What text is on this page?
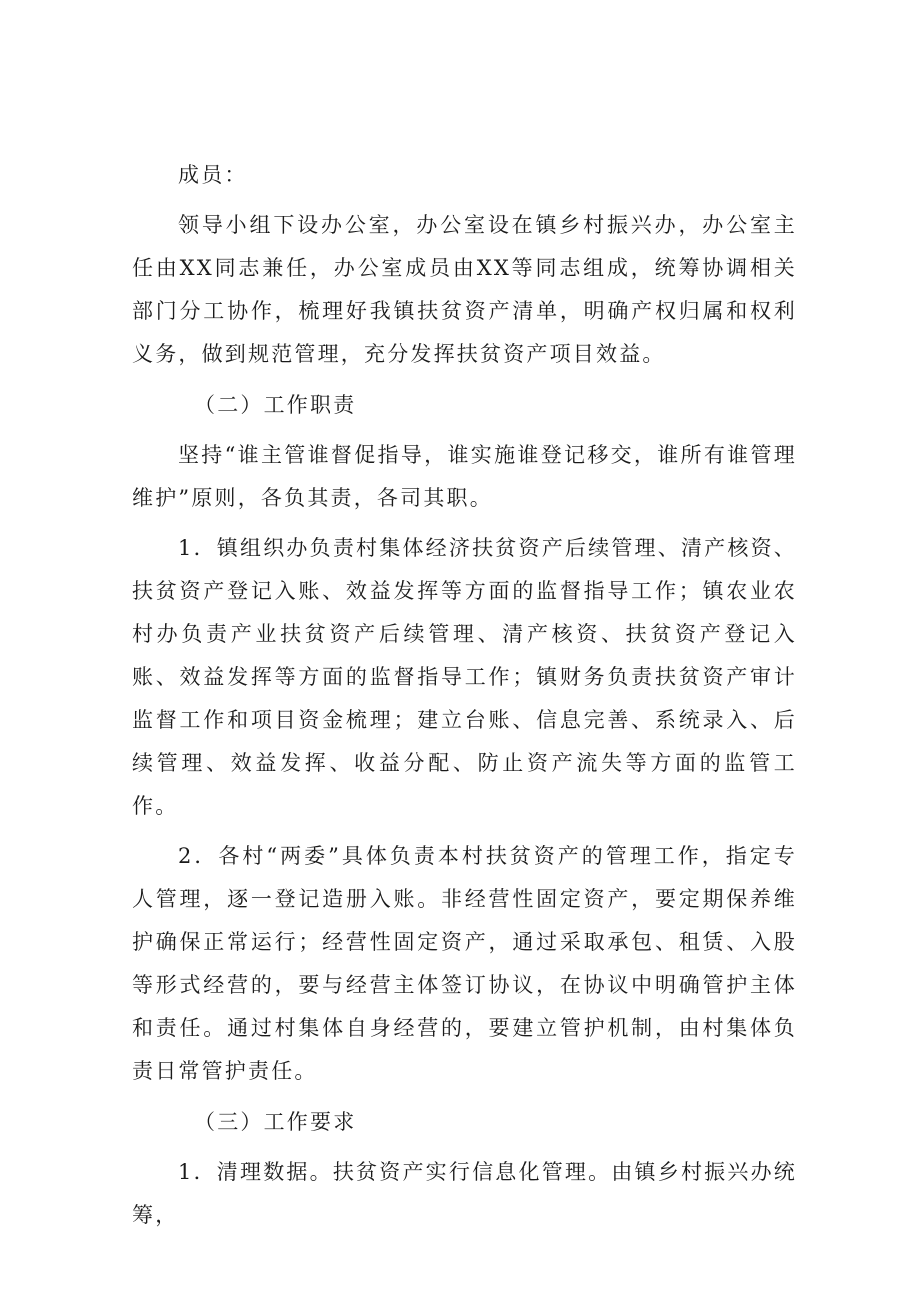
成员：

领导小组下设办公室，办公室设在镇乡村振兴办，办公室主任由XX同志兼任，办公室成员由XX等同志组成，统筹协调相关部门分工协作，梳理好我镇扶贫资产清单，明确产权归属和权利义务，做到规范管理，充分发挥扶贫资产项目效益。

（二）工作职责

坚持“谁主管谁督促指导，谁实施谁登记移交，谁所有谁管理维护”原则，各负其责，各司其职。

1．镇组织办负责村集体经济扶贫资产后续管理、清产核资、扶贫资产登记入账、效益发挥等方面的监督指导工作；镇农业农村办负责产业扶贫资产后续管理、清产核资、扶贫资产登记入账、效益发挥等方面的监督指导工作；镇财务负责扶贫资产审计监督工作和项目资金梳理；建立台账、信息完善、系统录入、后续管理、效益发挥、收益分配、防止资产流失等方面的监管工作。

2．各村“两委”具体负责本村扶贫资产的管理工作，指定专人管理，逐一登记造册入账。非经营性固定资产，要定期保养维护确保正常运行；经营性固定资产，通过采取承包、租赁、入股等形式经营的，要与经营主体签订协议，在协议中明确管护主体和责任。通过村集体自身经营的，要建立管护机制，由村集体负责日常管护责任。

（三）工作要求

1．清理数据。扶贫资产实行信息化管理。由镇乡村振兴办统筹，
